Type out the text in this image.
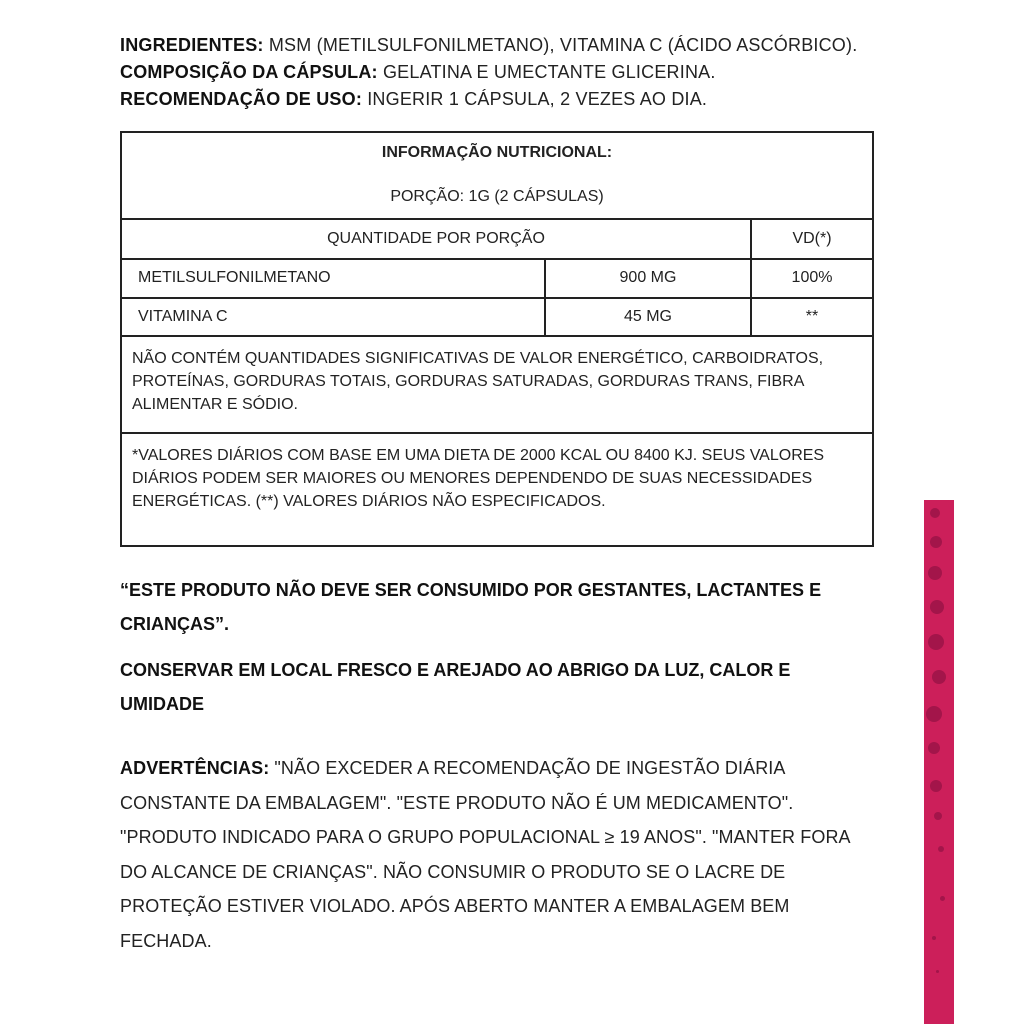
INGREDIENTES: MSM (METILSULFONILMETANO), VITAMINA C (ÁCIDO ASCÓRBICO).

COMPOSIÇÃO DA CÁPSULA: GELATINA E UMECTANTE GLICERINA.

RECOMENDAÇÃO DE USO: INGERIR 1 CÁPSULA, 2 VEZES AO DIA.

INFORMAÇÃO NUTRICIONAL:
PORÇÃO: 1G (2 CÁPSULAS)		

QUANTIDADE POR PORÇÃO		VD(*)
METILSULFONILMETANO	900 MG	100%
VITAMINA C	45 MG	**
NÃO CONTÉM QUANTIDADES SIGNIFICATIVAS DE VALOR ENERGÉTICO, CARBOIDRATOS, PROTEÍNAS, GORDURAS TOTAIS, GORDURAS SATURADAS, GORDURAS TRANS, FIBRA ALIMENTAR E SÓDIO.		
*VALORES DIÁRIOS COM BASE EM UMA DIETA DE 2000 KCAL OU 8400 KJ. SEUS VALORES DIÁRIOS PODEM SER MAIORES OU MENORES DEPENDENDO DE SUAS NECESSIDADES ENERGÉTICAS. (**) VALORES DIÁRIOS NÃO ESPECIFICADOS.		
“ESTE PRODUTO NÃO DEVE SER CONSUMIDO POR GESTANTES, LACTANTES E CRIANÇAS”.
CONSERVAR EM LOCAL FRESCO E AREJADO AO ABRIGO DA LUZ, CALOR E UMIDADE
ADVERTÊNCIAS: "NÃO EXCEDER A RECOMENDAÇÃO DE INGESTÃO DIÁRIA CONSTANTE DA EMBALAGEM". "ESTE PRODUTO NÃO É UM MEDICAMENTO". "PRODUTO INDICADO PARA O GRUPO POPULACIONAL ≥ 19 ANOS". "MANTER FORA DO ALCANCE DE CRIANÇAS". NÃO CONSUMIR O PRODUTO SE O LACRE DE PROTEÇÃO ESTIVER VIOLADO. APÓS ABERTO MANTER A EMBALAGEM BEM FECHADA.
